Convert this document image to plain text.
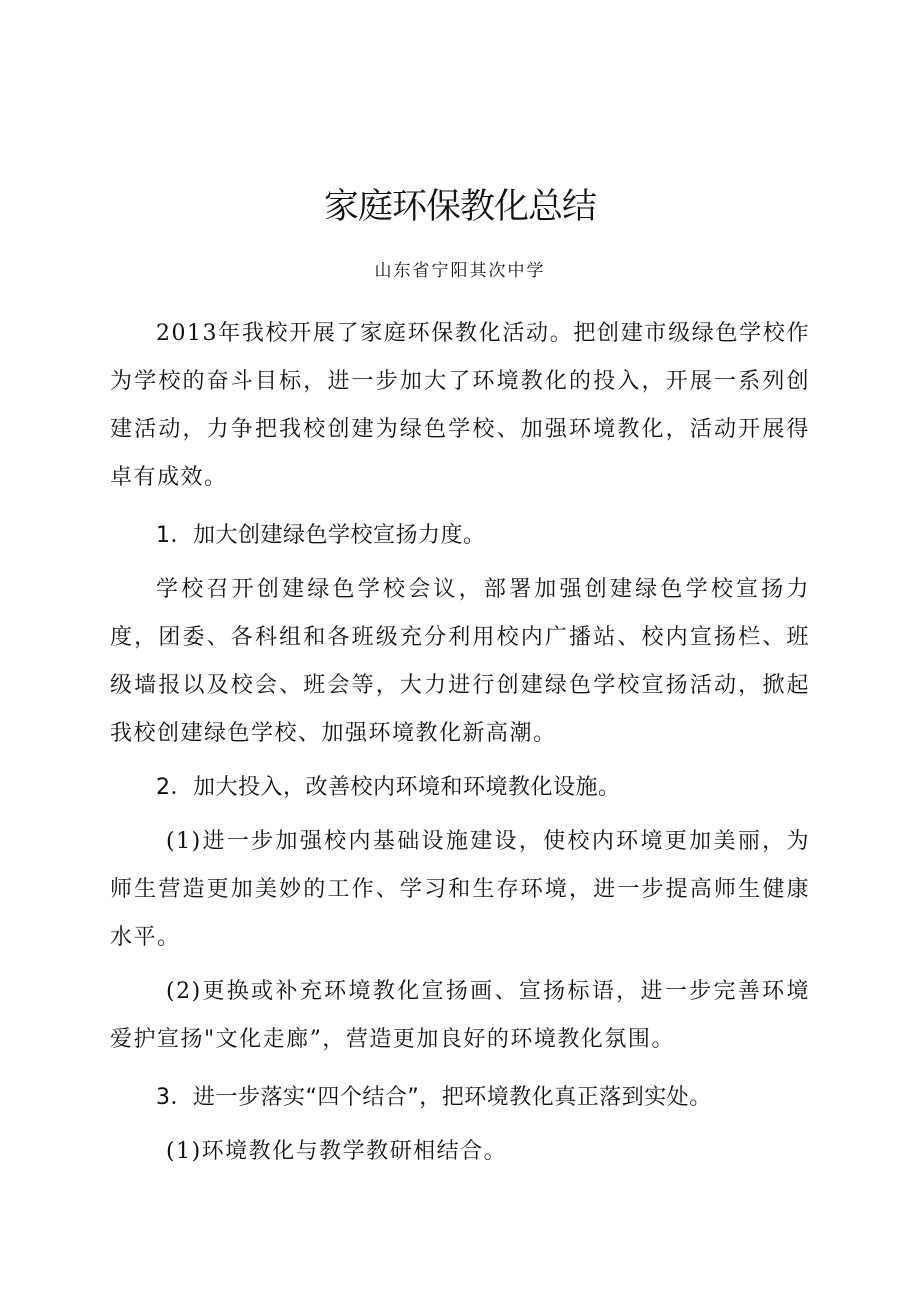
家庭环保教化总结
山东省宁阳其次中学

2013年我校开展了家庭环保教化活动。把创建市级绿色学校作为学校的奋斗目标，进一步加大了环境教化的投入，开展一系列创建活动，力争把我校创建为绿色学校、加强环境教化，活动开展得卓有成效。

1．加大创建绿色学校宣扬力度。

学校召开创建绿色学校会议，部署加强创建绿色学校宣扬力度，团委、各科组和各班级充分利用校内广播站、校内宣扬栏、班级墙报以及校会、班会等，大力进行创建绿色学校宣扬活动，掀起我校创建绿色学校、加强环境教化新高潮。

2．加大投入，改善校内环境和环境教化设施。

(1)进一步加强校内基础设施建设，使校内环境更加美丽，为师生营造更加美妙的工作、学习和生存环境，进一步提高师生健康水平。

(2)更换或补充环境教化宣扬画、宣扬标语，进一步完善环境爱护宣扬"文化走廊”，营造更加良好的环境教化氛围。

3．进一步落实“四个结合”，把环境教化真正落到实处。

(1)环境教化与教学教研相结合。
